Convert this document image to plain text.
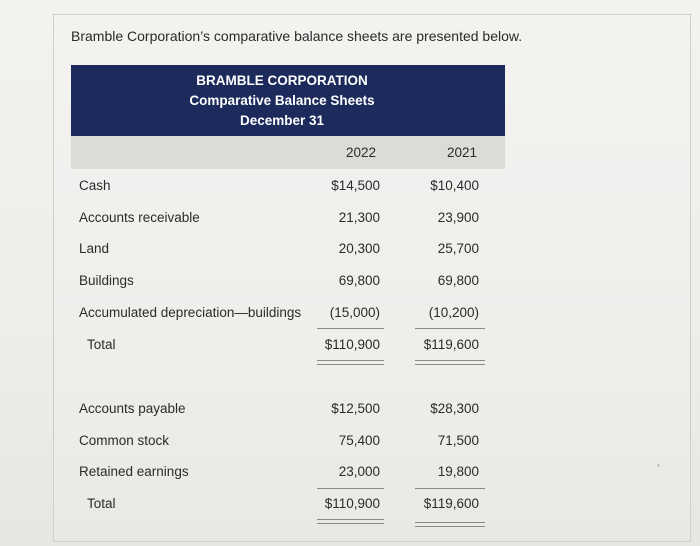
Bramble Corporation’s comparative balance sheets are presented below.
BRAMBLE CORPORATION
Comparative Balance Sheets
December 31
2022	2021
Cash	$14,500	$10,400
Accounts receivable	21,300	23,900
Land	20,300	25,700
Buildings	69,800	69,800
Accumulated depreciation—buildings (15,000)	(10,200)
Total	$110,900	$119,600
Accounts payable	$12,500	$28,300
Common stock	75,400	71,500
Retained earnings	23,000	19,800
Total	$110,900	$119,600
